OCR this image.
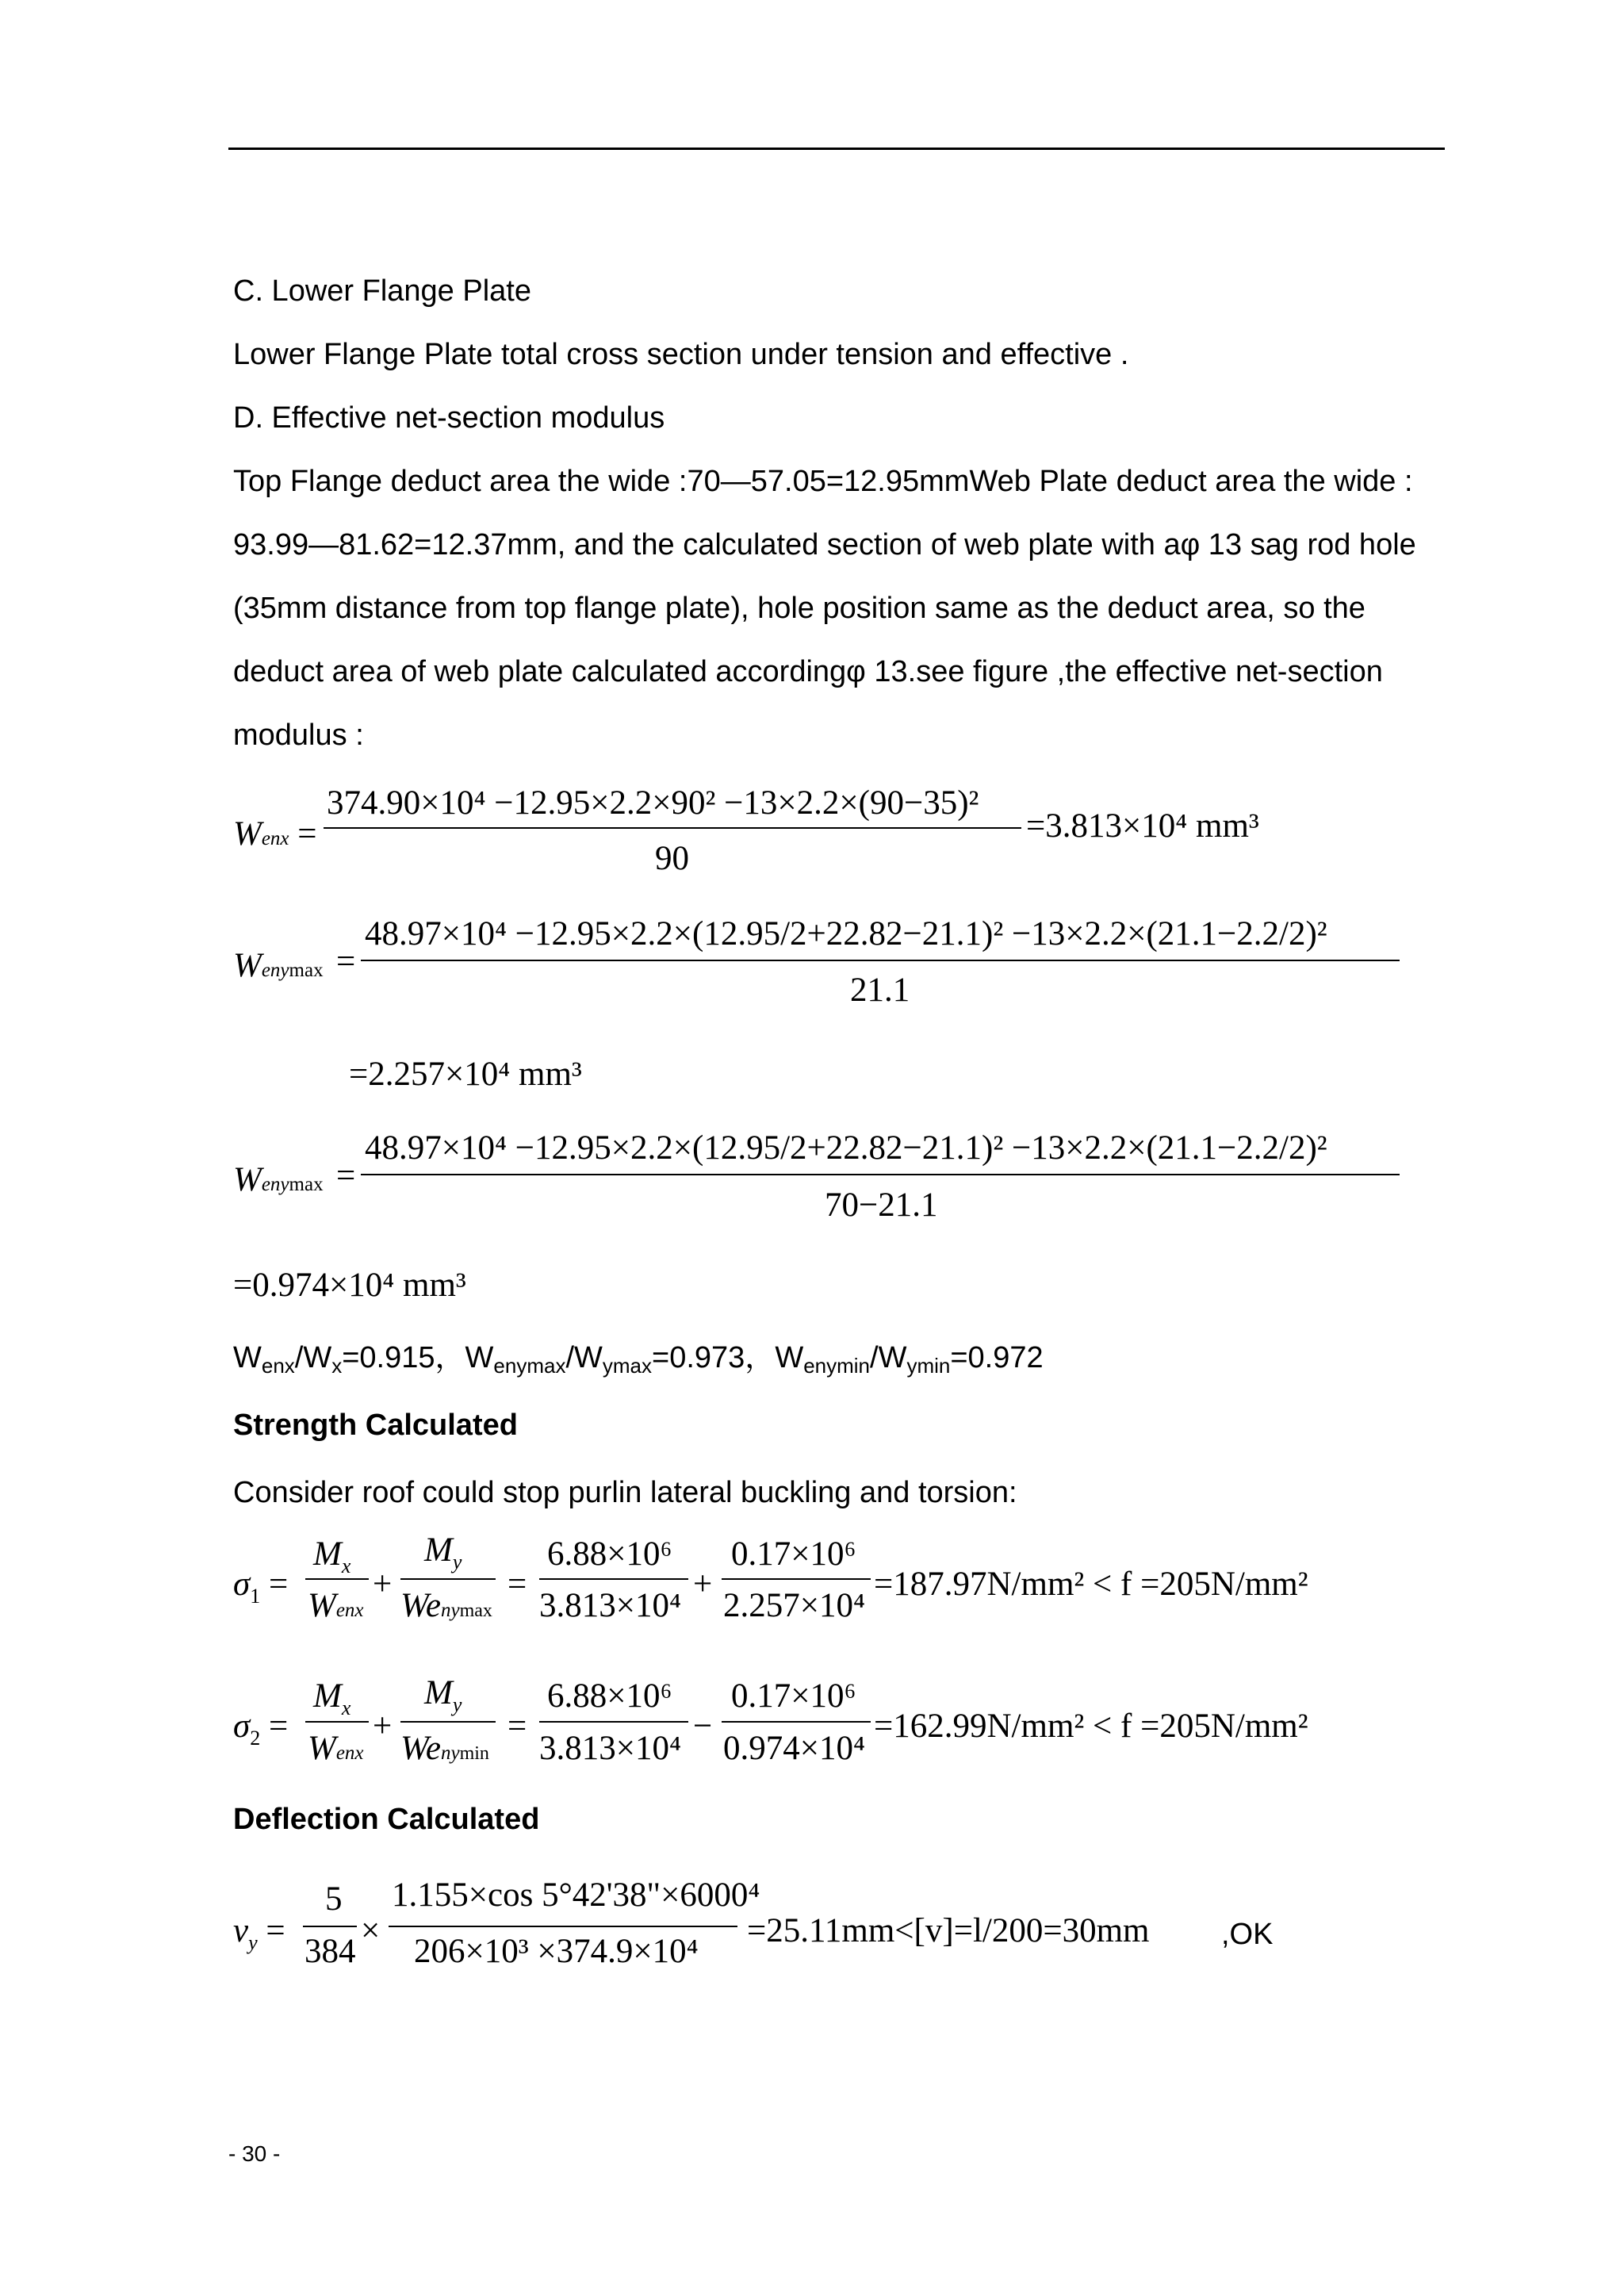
C. Lower Flange Plate
Lower Flange Plate total cross section under tension and effective .
D. Effective net-section modulus
Top Flange deduct area the wide :70—57.05=12.95mmWeb Plate deduct area the wide :
93.99—81.62=12.37mm, and the calculated section of web plate with aφ 13 sag rod hole
(35mm distance from top flange plate), hole position same as the deduct area, so the
deduct area of web plate calculated accordingφ 13.see figure ,the effective net-section
modulus :
Wenx =
374.90×10⁴ −12.95×2.2×90² −13×2.2×(90−35)²
90
=3.813×10⁴ mm³
Wenymax =
48.97×10⁴ −12.95×2.2×(12.95/2+22.82−21.1)² −13×2.2×(21.1−2.2/2)²
21.1
=2.257×10⁴ mm³
Wenymax =
48.97×10⁴ −12.95×2.2×(12.95/2+22.82−21.1)² −13×2.2×(21.1−2.2/2)²
70−21.1
=0.974×10⁴ mm³
$W_{enx}/W_x=0.915$，$W_{enymax}/W_{ymax}=0.973$，$W_{enymin}/W_{ymin}=0.972$
Strength Calculated
Consider roof could stop purlin lateral buckling and torsion:
$\sigma_1$ =
$M_x$
Wenx
+
$M_y$
Wenymax
=
6.88×10⁶
3.813×10⁴
+
0.17×10⁶
2.257×10⁴
=187.97N/mm² < f =205N/mm²
$\sigma_2$ =
$M_x$
Wenx
+
$M_y$
Wenymin
=
6.88×10⁶
3.813×10⁴
−
0.17×10⁶
0.974×10⁴
=162.99N/mm² < f =205N/mm²
Deflection Calculated
$v_y$ =
5
384
×
1.155×cos 5°42'38"×6000⁴
206×10³ ×374.9×10⁴
=25.11mm<[v]=l/200=30mm ,OK
- 30 -
